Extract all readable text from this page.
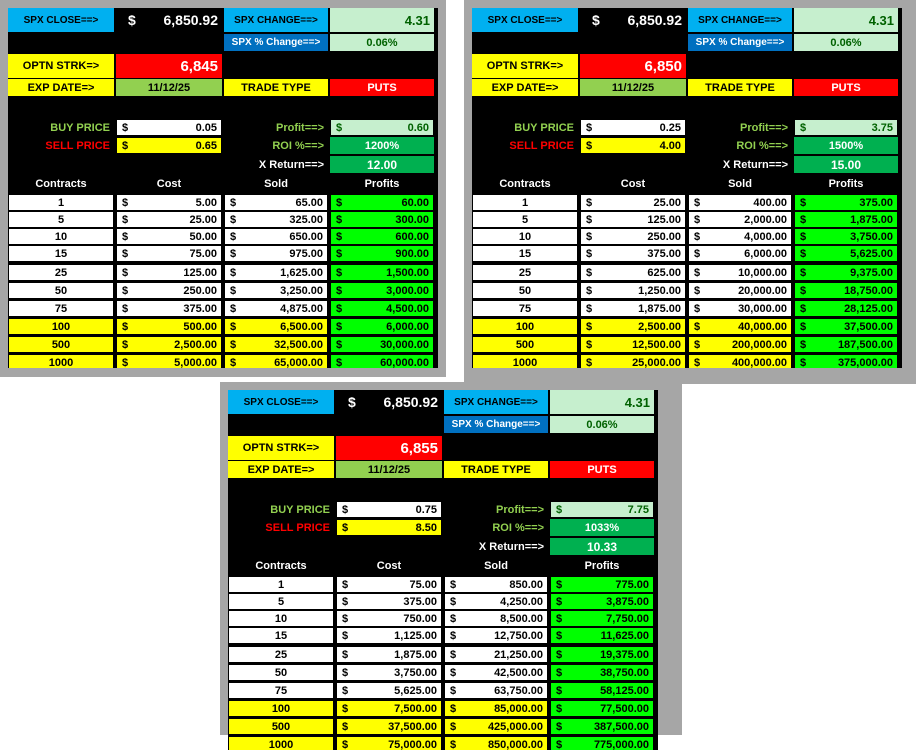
SPX CLOSE==>	$ 6,850.92	SPX CHANGE==>	4.31
SPX % Change==>	0.06%
OPTN STRK=>	6,845
EXP DATE=>	11/12/25	TRADE TYPE	PUTS
BUY PRICE	$	0.05	Profit==>	$	0.60
SELL PRICE	$	0.65	ROI %==>	1200%
X Return==>	12.00
Contracts	Cost	Sold	Profits
1	$	5.00 $	65.00 $	60.00
5	$	25.00 $	325.00 $	300.00
10	$	50.00 $	650.00 $	600.00
15	$	75.00 $	975.00 $	900.00
25	$	125.00 $	1,625.00 $	1,500.00
50	$	250.00 $	3,250.00 $	3,000.00
75	$	375.00 $	4,875.00 $	4,500.00
100	$	500.00 $	6,500.00 $	6,000.00
500	$	2,500.00 $	32,500.00 $	30,000.00
1000	$	5,000.00 $	65,000.00 $	60,000.00
SPX CLOSE==>	$ 6,850.92	SPX CHANGE==>	4.31
SPX % Change==>	0.06%
OPTN STRK=>	6,850
EXP DATE=>	11/12/25	TRADE TYPE	PUTS
BUY PRICE	$	0.25	Profit==>	$	3.75
SELL PRICE	$	4.00	ROI %==>	1500%
X Return==>	15.00
Contracts	Cost	Sold	Profits
1	$	25.00 $	400.00 $	375.00
5	$	125.00 $	2,000.00 $	1,875.00
10	$	250.00 $	4,000.00 $	3,750.00
15	$	375.00 $	6,000.00 $	5,625.00
25	$	625.00 $	10,000.00 $	9,375.00
50	$	1,250.00 $	20,000.00 $	18,750.00
75	$	1,875.00 $	30,000.00 $	28,125.00
100	$	2,500.00 $	40,000.00 $	37,500.00
500	$	12,500.00 $	200,000.00 $	187,500.00
1000	$	25,000.00 $	400,000.00 $	375,000.00
SPX CLOSE==>	$ 6,850.92	SPX CHANGE==>	4.31
SPX % Change==>	0.06%
OPTN STRK=>	6,855
EXP DATE=>	11/12/25	TRADE TYPE	PUTS
BUY PRICE	$	0.75	Profit==>	$	7.75
SELL PRICE	$	8.50	ROI %==>	1033%
X Return==>	10.33
Contracts	Cost	Sold	Profits
1	$	75.00 $	850.00 $	775.00
5	$	375.00 $	4,250.00 $	3,875.00
10	$	750.00 $	8,500.00 $	7,750.00
15	$	1,125.00 $	12,750.00 $	11,625.00
25	$	1,875.00 $	21,250.00 $	19,375.00
50	$	3,750.00 $	42,500.00 $	38,750.00
75	$	5,625.00 $	63,750.00 $	58,125.00
100	$	7,500.00 $	85,000.00 $	77,500.00
500	$	37,500.00 $	425,000.00 $	387,500.00
1000	$	75,000.00 $	850,000.00 $	775,000.00
